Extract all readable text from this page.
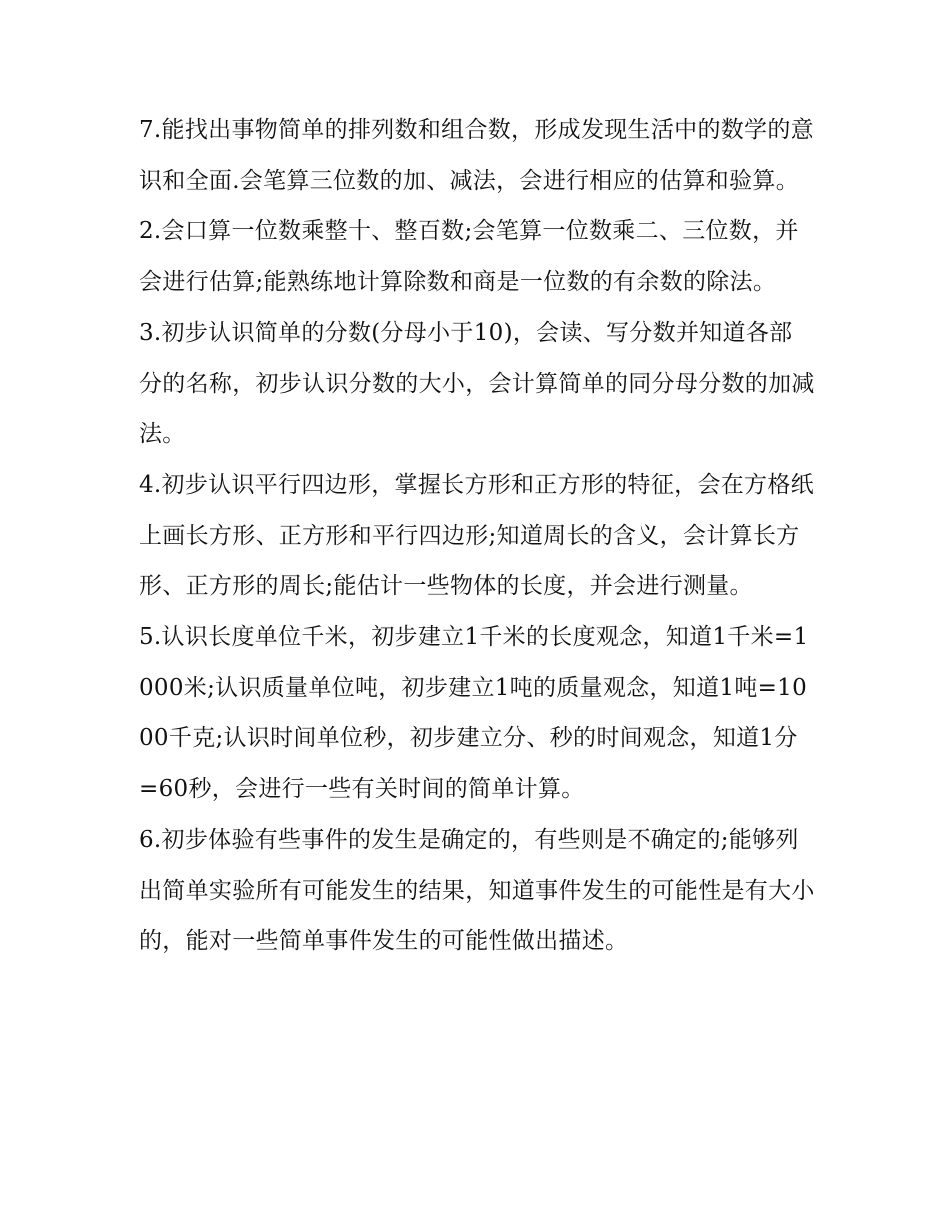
7.能找出事物简单的排列数和组合数，形成发现生活中的数学的意识和全面.会笔算三位数的加、减法，会进行相应的估算和验算。

2.会口算一位数乘整十、整百数;会笔算一位数乘二、三位数，并会进行估算;能熟练地计算除数和商是一位数的有余数的除法。

3.初步认识简单的分数(分母小于10)，会读、写分数并知道各部分的名称，初步认识分数的大小，会计算简单的同分母分数的加减法。

4.初步认识平行四边形，掌握长方形和正方形的特征，会在方格纸上画长方形、正方形和平行四边形;知道周长的含义，会计算长方形、正方形的周长;能估计一些物体的长度，并会进行测量。

5.认识长度单位千米，初步建立1千米的长度观念，知道1千米=1000米;认识质量单位吨，初步建立1吨的质量观念，知道1吨=1000千克;认识时间单位秒，初步建立分、秒的时间观念，知道1分=60秒，会进行一些有关时间的简单计算。

6.初步体验有些事件的发生是确定的，有些则是不确定的;能够列出简单实验所有可能发生的结果，知道事件发生的可能性是有大小的，能对一些简单事件发生的可能性做出描述。
